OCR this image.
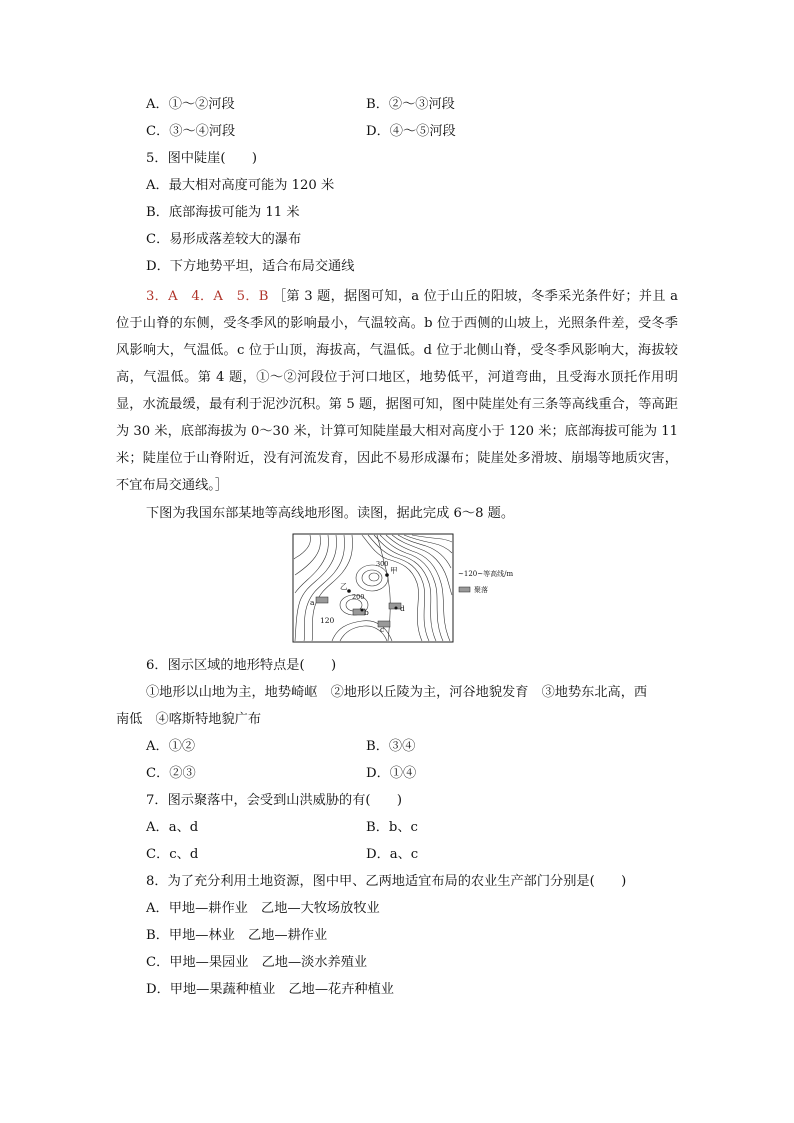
A．①～②河段	B．②～③河段
C．③～④河段	D．④～⑤河段
5．图中陡崖(　　)
A．最大相对高度可能为 120 米
B．底部海拔可能为 11 米
C．易形成落差较大的瀑布
D．下方地势平坦，适合布局交通线
3．A　4．A　5．B ［第 3 题，据图可知，a 位于山丘的阳坡，冬季采光条件好；并且 a 位于山脊的东侧，受冬季风的影响最小，气温较高。b 位于西侧的山坡上，光照条件差，受冬季风影响大，气温低。c 位于山顶，海拔高，气温低。d 位于北侧山脊，受冬季风影响大，海拔较高，气温低。第 4 题，①～②河段位于河口地区，地势低平，河道弯曲，且受海水顶托作用明显，水流最缓，最有利于泥沙沉积。第 5 题，据图可知，图中陡崖处有三条等高线重合，等高距为 30 米，底部海拔为 0～30 米，计算可知陡崖最大相对高度小于 120 米；底部海拔可能为 11 米；陡崖位于山脊附近，没有河流发育，因此不易形成瀑布；陡崖处多滑坡、崩塌等地质灾害，不宜布局交通线。］
下图为我国东部某地等高线地形图。读图，据此完成 6～8 题。
甲
乙
a
b
c
d
120
200
300
~120~等高线/m
聚落
6．图示区域的地形特点是(　　)
①地形以山地为主，地势崎岖　②地形以丘陵为主，河谷地貌发育　③地势东北高，西
南低　④喀斯特地貌广布
A．①②	B．③④
C．②③	D．①④
7．图示聚落中，会受到山洪威胁的有(　　)
A．a、d	B．b、c
C．c、d	D．a、c
8．为了充分利用土地资源，图中甲、乙两地适宜布局的农业生产部门分别是(　　)
A．甲地—耕作业　乙地—大牧场放牧业
B．甲地—林业　乙地—耕作业
C．甲地—果园业　乙地—淡水养殖业
D．甲地—果蔬种植业　乙地—花卉种植业
